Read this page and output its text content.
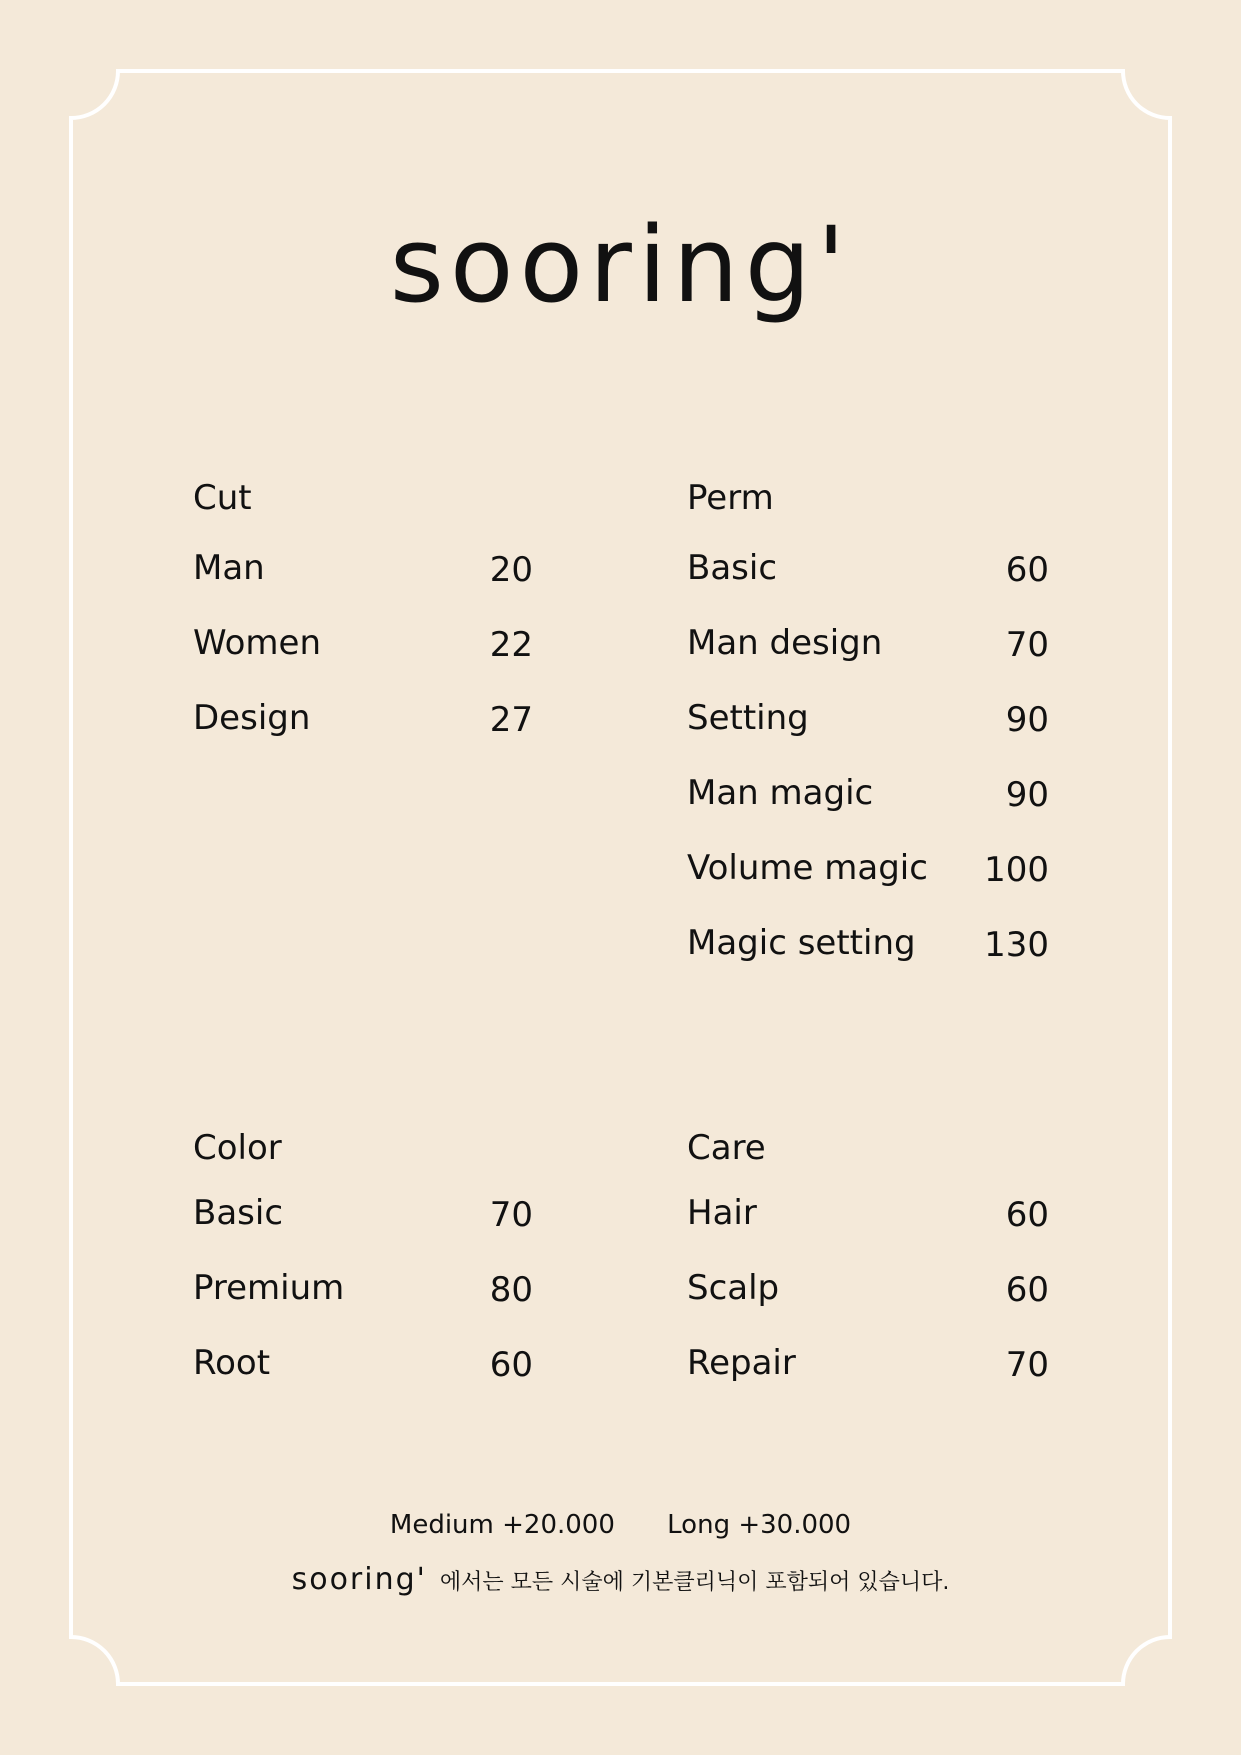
sooring'
Cut
Man	20
Women	22
Design	27
Perm
Basic	60
Man design	70
Setting	90
Man magic	90
Volume magic 100
Magic setting 130
Color
Basic	70
Premium	80
Root	60
Care
Hair	60
Scalp	60
Repair	70
Medium +20.000 Long +30.000
sooring' 에서는 모든 시술에 기본클리닉이 포함되어 있습니다.
